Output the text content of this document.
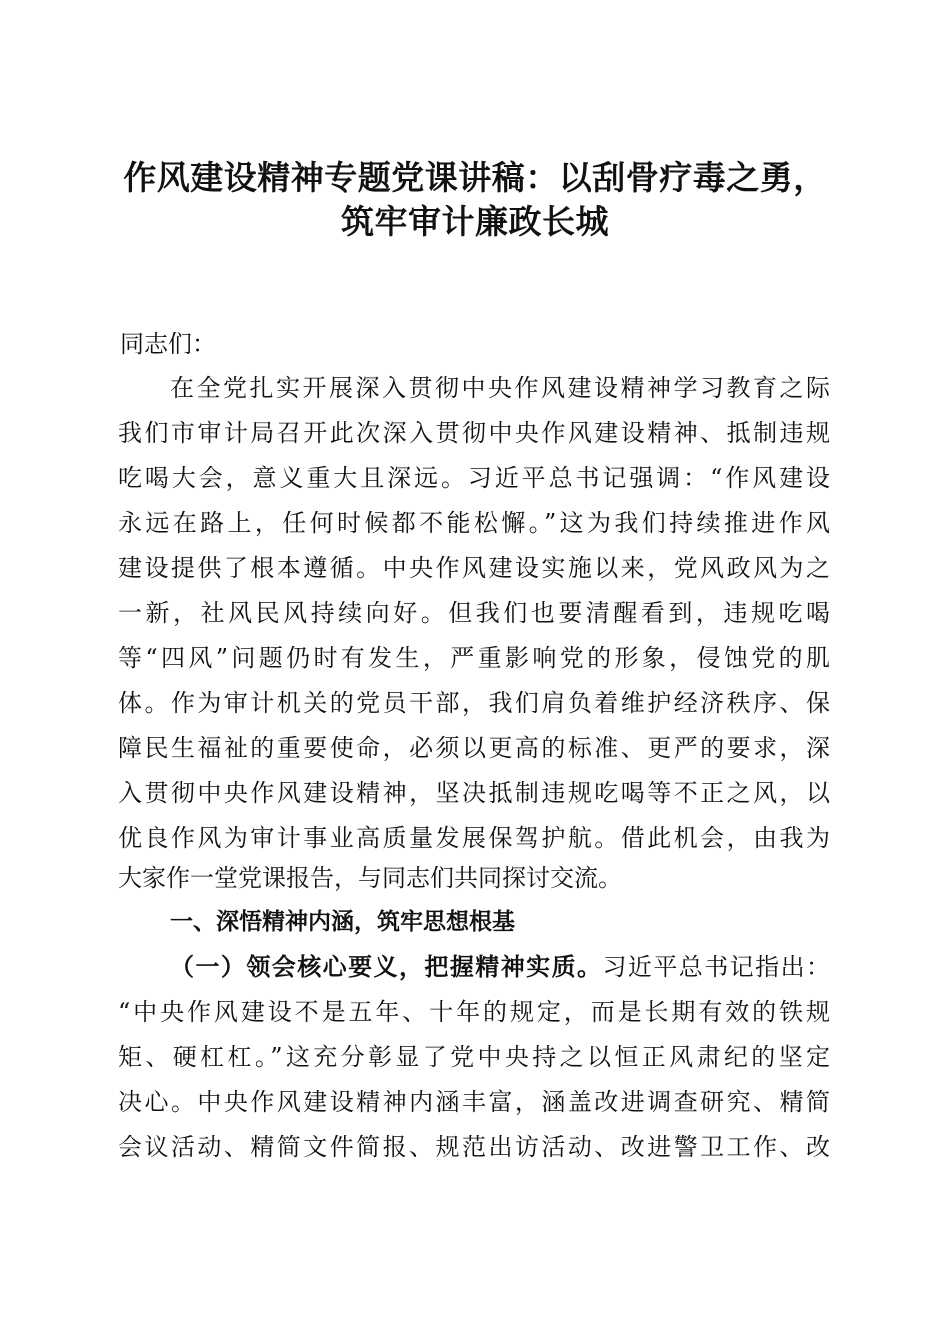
作风建设精神专题党课讲稿：以刮骨疗毒之勇，
筑牢审计廉政长城
同志们：
在全党扎实开展深入贯彻中央作风建设精神学习教育之际
我们市审计局召开此次深入贯彻中央作风建设精神、抵制违规
吃喝大会，意义重大且深远。习近平总书记强调：“作风建设
永远在路上，任何时候都不能松懈。”这为我们持续推进作风
建设提供了根本遵循。中央作风建设实施以来，党风政风为之
一新，社风民风持续向好。但我们也要清醒看到，违规吃喝
等“四风”问题仍时有发生，严重影响党的形象，侵蚀党的肌
体。作为审计机关的党员干部，我们肩负着维护经济秩序、保
障民生福祉的重要使命，必须以更高的标准、更严的要求，深
入贯彻中央作风建设精神，坚决抵制违规吃喝等不正之风，以
优良作风为审计事业高质量发展保驾护航。借此机会，由我为
大家作一堂党课报告，与同志们共同探讨交流。
一、深悟精神内涵，筑牢思想根基
（一）领会核心要义，把握精神实质。习近平总书记指出：
“中央作风建设不是五年、十年的规定，而是长期有效的铁规
矩、硬杠杠。”这充分彰显了党中央持之以恒正风肃纪的坚定
决心。中央作风建设精神内涵丰富，涵盖改进调查研究、精简
会议活动、精简文件简报、规范出访活动、改进警卫工作、改
